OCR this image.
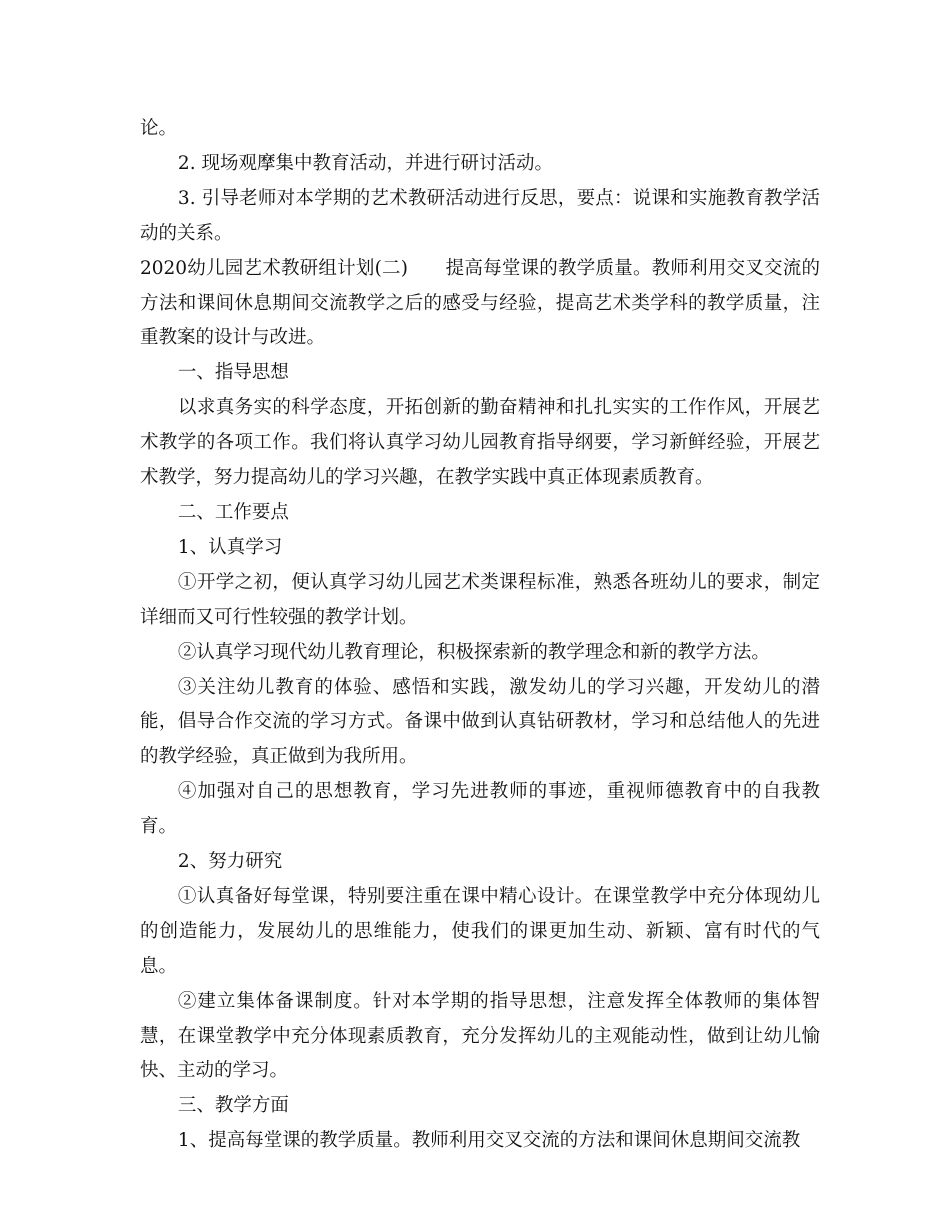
论。

2. 现场观摩集中教育活动，并进行研讨活动。

3. 引导老师对本学期的艺术教研活动进行反思，要点：说课和实施教育教学活动的关系。

2020幼儿园艺术教研组计划(二)　　提高每堂课的教学质量。教师利用交叉交流的方法和课间休息期间交流教学之后的感受与经验，提高艺术类学科的教学质量，注重教案的设计与改进。

一、指导思想

以求真务实的科学态度，开拓创新的勤奋精神和扎扎实实的工作作风，开展艺术教学的各项工作。我们将认真学习幼儿园教育指导纲要，学习新鲜经验，开展艺术教学，努力提高幼儿的学习兴趣，在教学实践中真正体现素质教育。

二、工作要点

1、认真学习

①开学之初，便认真学习幼儿园艺术类课程标准，熟悉各班幼儿的要求，制定详细而又可行性较强的教学计划。

②认真学习现代幼儿教育理论，积极探索新的教学理念和新的教学方法。

③关注幼儿教育的体验、感悟和实践，激发幼儿的学习兴趣，开发幼儿的潜能，倡导合作交流的学习方式。备课中做到认真钻研教材，学习和总结他人的先进的教学经验，真正做到为我所用。

④加强对自己的思想教育，学习先进教师的事迹，重视师德教育中的自我教育。

2、努力研究

①认真备好每堂课，特别要注重在课中精心设计。在课堂教学中充分体现幼儿的创造能力，发展幼儿的思维能力，使我们的课更加生动、新颖、富有时代的气息。

②建立集体备课制度。针对本学期的指导思想，注意发挥全体教师的集体智慧，在课堂教学中充分体现素质教育，充分发挥幼儿的主观能动性，做到让幼儿愉快、主动的学习。

三、教学方面

1、提高每堂课的教学质量。教师利用交叉交流的方法和课间休息期间交流教
